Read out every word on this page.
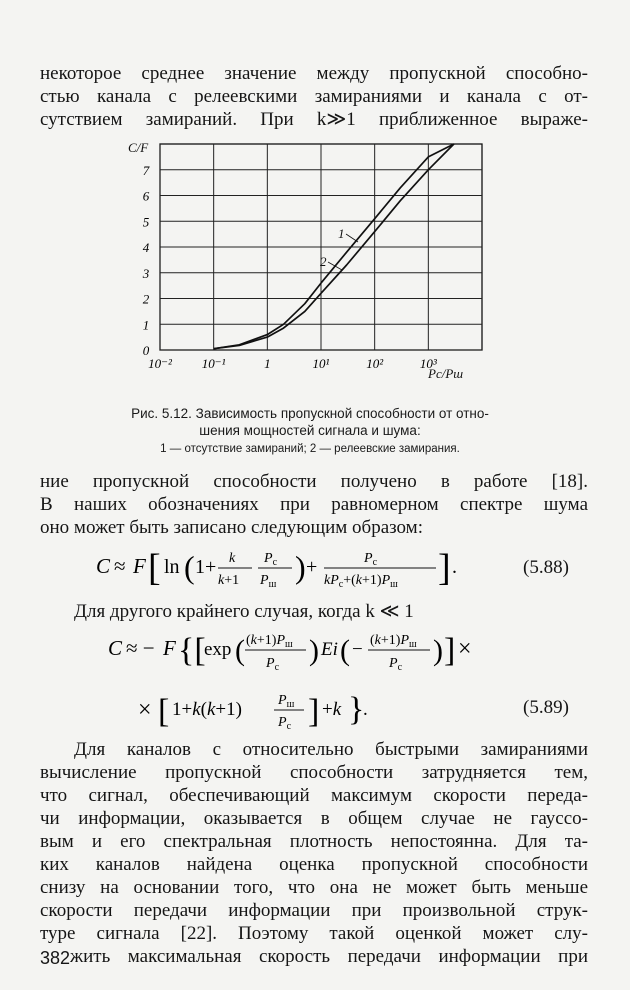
некоторое среднее значение между пропускной способно-
стью канала с релеевскими замираниями и канала с от-
сутствием замираний. При k≫1 приближенное выраже-
10⁻² 10⁻¹	1	10¹	10²	10³
0
1
2
3
4
5
6
7
C/F
Pc/Pш
1
2
Рис. 5.12. Зависимость пропускной способности от отно-
шения мощностей сигнала и шума:
1 — отсутствие замираний; 2 — релеевские замирания.
ние пропускной способности получено в работе [18].
В наших обозначениях при равномерном спектре шума
оно может быть записано следующим образом:
C ≈ F [ ln ( 1+ k
k+1
$P_с$
$P_ш$ ) +	$P_с$
$kP_с+(k+1)P_ш$ ] .	(5.88)
Для другого крайнего случая, когда k ≪ 1
C ≈ − F {[
exp ( $(k+1)P_ш$
$P_с$
) Ei ( − $(k+1)P_ш$
$P_с$
) ] ×
× [ 1+k(k+1)	$P_ш$
$P_с$ ] +k }
.	(5.89)
Для каналов с относительно быстрыми замираниями
вычисление пропускной способности затрудняется тем,
что сигнал, обеспечивающий максимум скорости переда-
чи информации, оказывается в общем случае не гауссо-
вым и его спектральная плотность непостоянна. Для та-
ких каналов найдена оценка пропускной способности
снизу на основании того, что она не может быть меньше
скорости передачи информации при произвольной струк-
туре сигнала [22]. Поэтому такой оценкой может слу-
жить максимальная скорость передачи информации при
382
